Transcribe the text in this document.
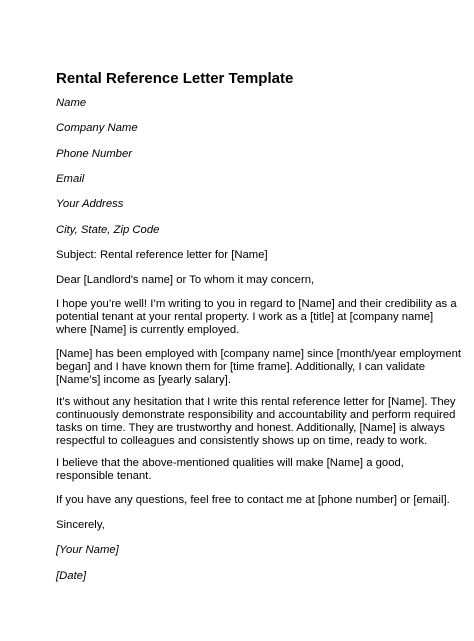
Rental Reference Letter Template
Name
Company Name
Phone Number
Email
Your Address
City, State, Zip Code
Subject: Rental reference letter for [Name]
Dear [Landlord's name] or To whom it may concern,
I hope you’re well! I’m writing to you in regard to [Name] and their credibility as a
potential tenant at your rental property. I work as a [title] at [company name]
where [Name] is currently employed.
[Name] has been employed with [company name] since [month/year employment
began] and I have known them for [time frame]. Additionally, I can validate
[Name’s] income as [yearly salary].
It’s without any hesitation that I write this rental reference letter for [Name]. They
continuously demonstrate responsibility and accountability and perform required
tasks on time. They are trustworthy and honest. Additionally, [Name] is always
respectful to colleagues and consistently shows up on time, ready to work.
I believe that the above-mentioned qualities will make [Name] a good,
responsible tenant.
If you have any questions, feel free to contact me at [phone number] or [email].
Sincerely,
[Your Name]
[Date]
